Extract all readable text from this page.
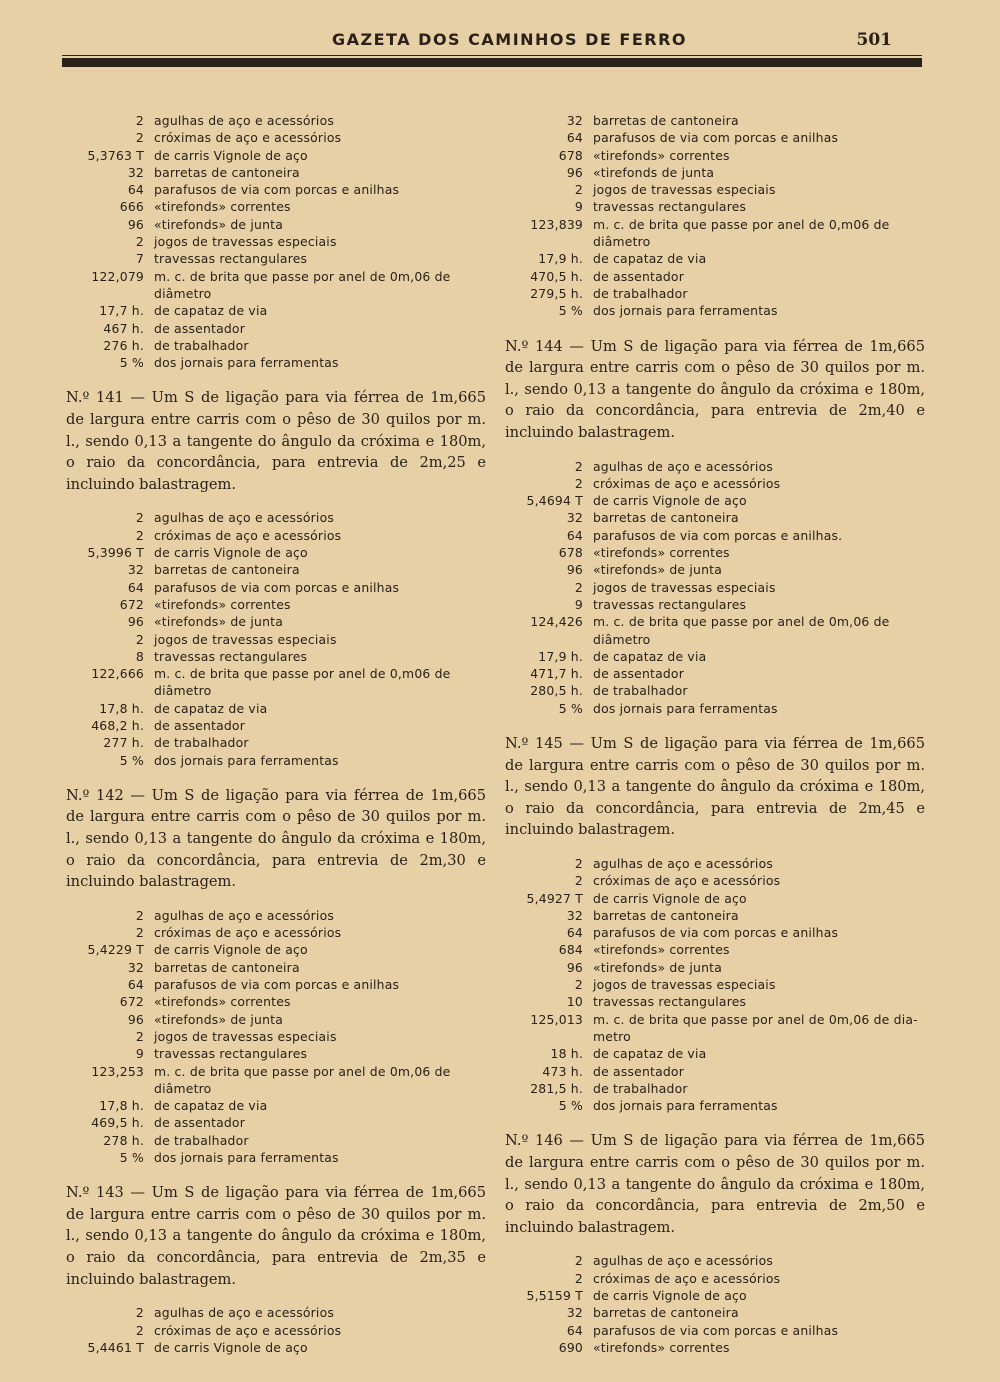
GAZETA DOS CAMINHOS DE FERRO	501
2 agulhas de aço e acessórios
2 cróximas de aço e acessórios
5,3763 T de carris Vignole de aço
32 barretas de cantoneira
64 parafusos de via com porcas e anilhas
666 «tirefonds» correntes
96 «tirefonds» de junta
2 jogos de travessas especiais
7 travessas rectangulares
122,079 m. c. de brita que passe por anel de 0m,06 de
diâmetro
17,7 h. de capataz de via
467 h. de assentador
276 h. de trabalhador
5 % dos jornais para ferramentas

N.º 141 — Um S de ligação para via férrea de 1m,665 de largura entre carris com o pêso de 30 quilos por m. l., sendo 0,13 a tangente do ângulo da cróxima e 180m, o raio da concordância, para entrevia de 2m,25 e incluindo balastragem.

2 agulhas de aço e acessórios
2 cróximas de aço e acessórios
5,3996 T de carris Vignole de aço
32 barretas de cantoneira
64 parafusos de via com porcas e anilhas
672 «tirefonds» correntes
96 «tirefonds» de junta
2 jogos de travessas especiais
8 travessas rectangulares
122,666 m. c. de brita que passe por anel de 0,m06 de
diâmetro
17,8 h. de capataz de via
468,2 h. de assentador
277 h. de trabalhador
5 % dos jornais para ferramentas

N.º 142 — Um S de ligação para via férrea de 1m,665 de largura entre carris com o pêso de 30 quilos por m. l., sendo 0,13 a tangente do ângulo da cróxima e 180m, o raio da concordância, para entrevia de 2m,30 e incluindo balastragem.

2 agulhas de aço e acessórios
2 cróximas de aço e acessórios
5,4229 T de carris Vignole de aço
32 barretas de cantoneira
64 parafusos de via com porcas e anilhas
672 «tirefonds» correntes
96 «tirefonds» de junta
2 jogos de travessas especiais
9 travessas rectangulares
123,253 m. c. de brita que passe por anel de 0m,06 de
diâmetro
17,8 h. de capataz de via
469,5 h. de assentador
278 h. de trabalhador
5 % dos jornais para ferramentas

N.º 143 — Um S de ligação para via férrea de 1m,665 de largura entre carris com o pêso de 30 quilos por m. l., sendo 0,13 a tangente do ângulo da cróxima e 180m, o raio da concordância, para entrevia de 2m,35 e incluindo balastragem.

2 agulhas de aço e acessórios
2 cróximas de aço e acessórios
5,4461 T de carris Vignole de aço
32 barretas de cantoneira
64 parafusos de via com porcas e anilhas
678 «tirefonds» correntes
96 «tirefonds de junta
2 jogos de travessas especiais
9 travessas rectangulares
123,839 m. c. de brita que passe por anel de 0,m06 de
diâmetro
17,9 h. de capataz de via
470,5 h. de assentador
279,5 h. de trabalhador
5 % dos jornais para ferramentas

N.º 144 — Um S de ligação para via férrea de 1m,665 de largura entre carris com o pêso de 30 quilos por m. l., sendo 0,13 a tangente do ângulo da cróxima e 180m, o raio da concordância, para entrevia de 2m,40 e incluindo balastragem.

2 agulhas de aço e acessórios
2 cróximas de aço e acessórios
5,4694 T de carris Vignole de aço
32 barretas de cantoneira
64 parafusos de via com porcas e anilhas.
678 «tirefonds» correntes
96 «tirefonds» de junta
2 jogos de travessas especiais
9 travessas rectangulares
124,426 m. c. de brita que passe por anel de 0m,06 de
diâmetro
17,9 h. de capataz de via
471,7 h. de assentador
280,5 h. de trabalhador
5 % dos jornais para ferramentas

N.º 145 — Um S de ligação para via férrea de 1m,665 de largura entre carris com o pêso de 30 quilos por m. l., sendo 0,13 a tangente do ângulo da cróxima e 180m, o raio da concordância, para entrevia de 2m,45 e incluindo balastragem.

2 agulhas de aço e acessórios
2 cróximas de aço e acessórios
5,4927 T de carris Vignole de aço
32 barretas de cantoneira
64 parafusos de via com porcas e anilhas
684 «tirefonds» correntes
96 «tirefonds» de junta
2 jogos de travessas especiais
10 travessas rectangulares
125,013 m. c. de brita que passe por anel de 0m,06 de dia-
metro
18 h. de capataz de via
473 h. de assentador
281,5 h. de trabalhador
5 % dos jornais para ferramentas

N.º 146 — Um S de ligação para via férrea de 1m,665 de largura entre carris com o pêso de 30 quilos por m. l., sendo 0,13 a tangente do ângulo da cróxima e 180m, o raio da concordância, para entrevia de 2m,50 e incluindo balastragem.

2 agulhas de aço e acessórios
2 cróximas de aço e acessórios
5,5159 T de carris Vignole de aço
32 barretas de cantoneira
64 parafusos de via com porcas e anilhas
690 «tirefonds» correntes
